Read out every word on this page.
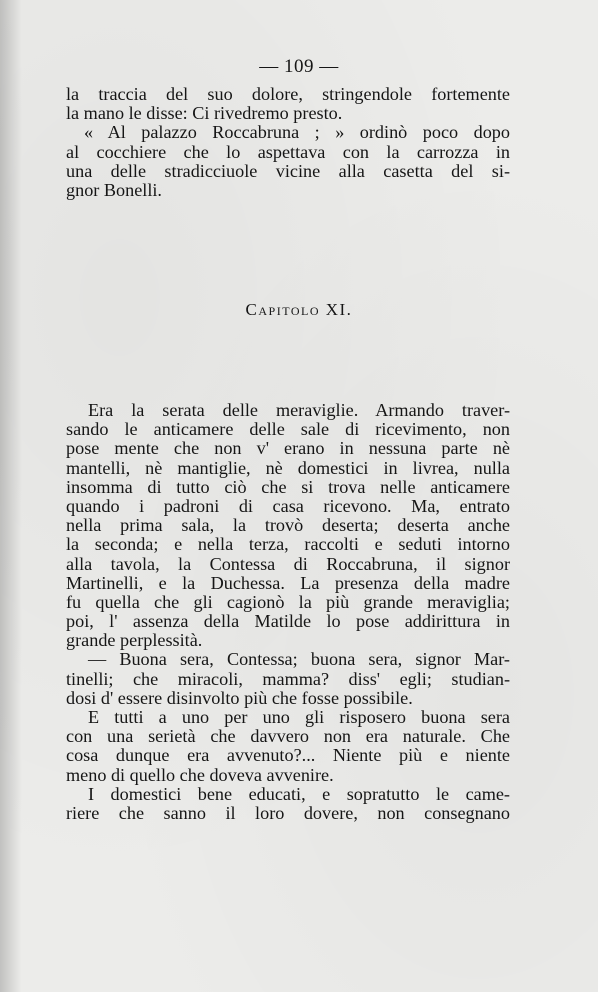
— 109 —
la traccia del suo dolore, stringendole fortemente
la mano le disse: Ci rivedremo presto.
« Al palazzo Roccabruna ; » ordinò poco dopo
al cocchiere che lo aspettava con la carrozza in
una delle stradicciuole vicine alla casetta del si-
gnor Bonelli.
Capitolo XI.
Era la serata delle meraviglie. Armando traver-
sando le anticamere delle sale di ricevimento, non
pose mente che non v' erano in nessuna parte nè
mantelli, nè mantiglie, nè domestici in livrea, nulla
insomma di tutto ciò che si trova nelle anticamere
quando i padroni di casa ricevono. Ma, entrato
nella prima sala, la trovò deserta; deserta anche
la seconda; e nella terza, raccolti e seduti intorno
alla tavola, la Contessa di Roccabruna, il signor
Martinelli, e la Duchessa. La presenza della madre
fu quella che gli cagionò la più grande meraviglia;
poi, l' assenza della Matilde lo pose addirittura in
grande perplessità.
— Buona sera, Contessa; buona sera, signor Mar-
tinelli; che miracoli, mamma? diss' egli; studian-
dosi d' essere disinvolto più che fosse possibile.
E tutti a uno per uno gli risposero buona sera
con una serietà che davvero non era naturale. Che
cosa dunque era avvenuto?... Niente più e niente
meno di quello che doveva avvenire.
I domestici bene educati, e sopratutto le came-
riere che sanno il loro dovere, non consegnano
